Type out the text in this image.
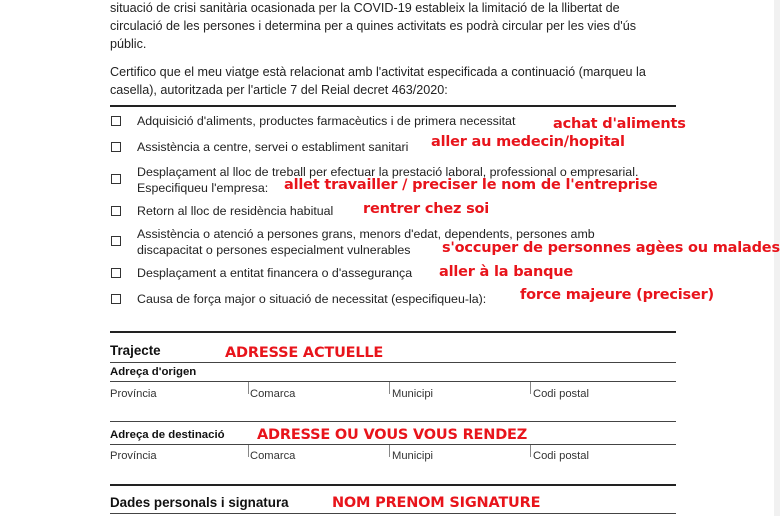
situació de crisi sanitària ocasionada per la COVID-19 estableix la limitació de la llibertat de
circulació de les persones i determina per a quines activitats es podrà circular per les vies d'ús
públic.
Certifico que el meu viatge està relacionat amb l'activitat especificada a continuació (marqueu la
casella), autoritzada per l'article 7 del Reial decret 463/2020:
Adquisició d'aliments, productes farmacèutics i de primera necessitat	achat d'aliments
Assistència a centre, servei o establiment sanitari aller au medecin/hopital
Desplaçament al lloc de treball per efectuar la prestació laboral, professional o empresarial.
Especifiqueu l'empresa: allet travailler / preciser le nom de l'entreprise
Retorn al lloc de residència habitual rentrer chez soi
Assistència o atenció a persones grans, menors d'edat, dependents, persones amb
discapacitat o persones especialment vulnerables s'occuper de personnes agèes ou malades
Desplaçament a entitat financera o d'assegurança aller à la banque
Causa de força major o situació de necessitat (especifiqueu-la): force majeure (preciser)
Trajecte	ADRESSE ACTUELLE
Adreça d'origen
Província	Comarca	Municipi	Codi postal
Adreça de destinació ADRESSE OU VOUS VOUS RENDEZ
Província	Comarca	Municipi	Codi postal
Dades personals i signatura	NOM PRENOM SIGNATURE
